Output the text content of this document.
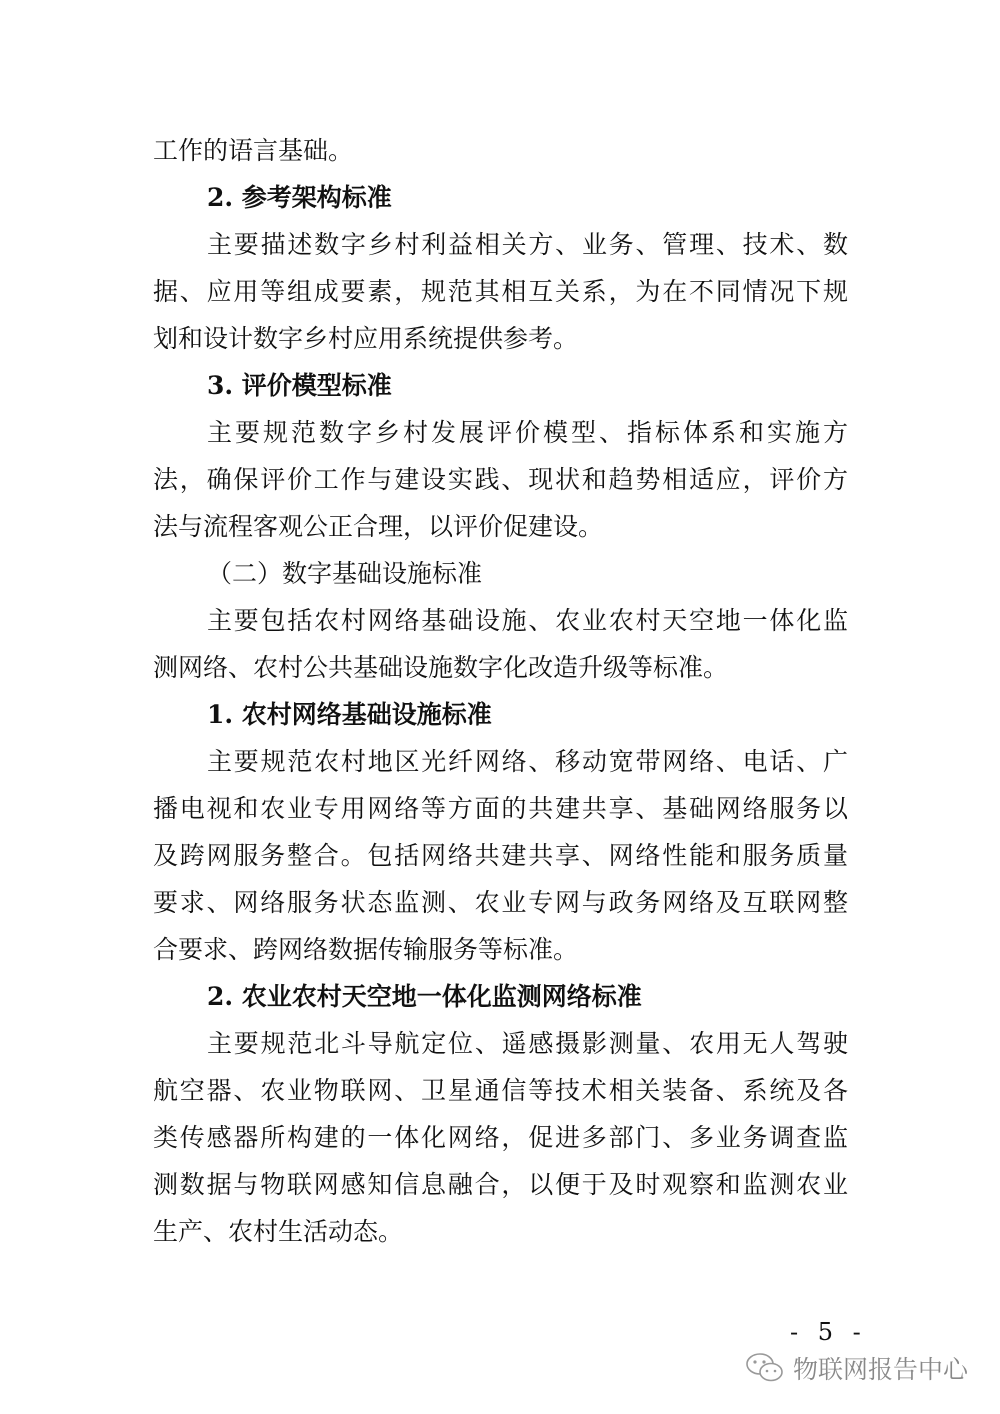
工作的语言基础。
2. 参考架构标准
主要描述数字乡村利益相关方、业务、管理、技术、数
据、应用等组成要素，规范其相互关系，为在不同情况下规
划和设计数字乡村应用系统提供参考。
3. 评价模型标准
主要规范数字乡村发展评价模型、指标体系和实施方
法，确保评价工作与建设实践、现状和趋势相适应，评价方
法与流程客观公正合理，以评价促建设。
（二）数字基础设施标准
主要包括农村网络基础设施、农业农村天空地一体化监
测网络、农村公共基础设施数字化改造升级等标准。
1. 农村网络基础设施标准
主要规范农村地区光纤网络、移动宽带网络、电话、广
播电视和农业专用网络等方面的共建共享、基础网络服务以
及跨网服务整合。包括网络共建共享、网络性能和服务质量
要求、网络服务状态监测、农业专网与政务网络及互联网整
合要求、跨网络数据传输服务等标准。
2. 农业农村天空地一体化监测网络标准
主要规范北斗导航定位、遥感摄影测量、农用无人驾驶
航空器、农业物联网、卫星通信等技术相关装备、系统及各
类传感器所构建的一体化网络，促进多部门、多业务调查监
测数据与物联网感知信息融合，以便于及时观察和监测农业
生产、农村生活动态。
- 5 -
物联网报告中心
